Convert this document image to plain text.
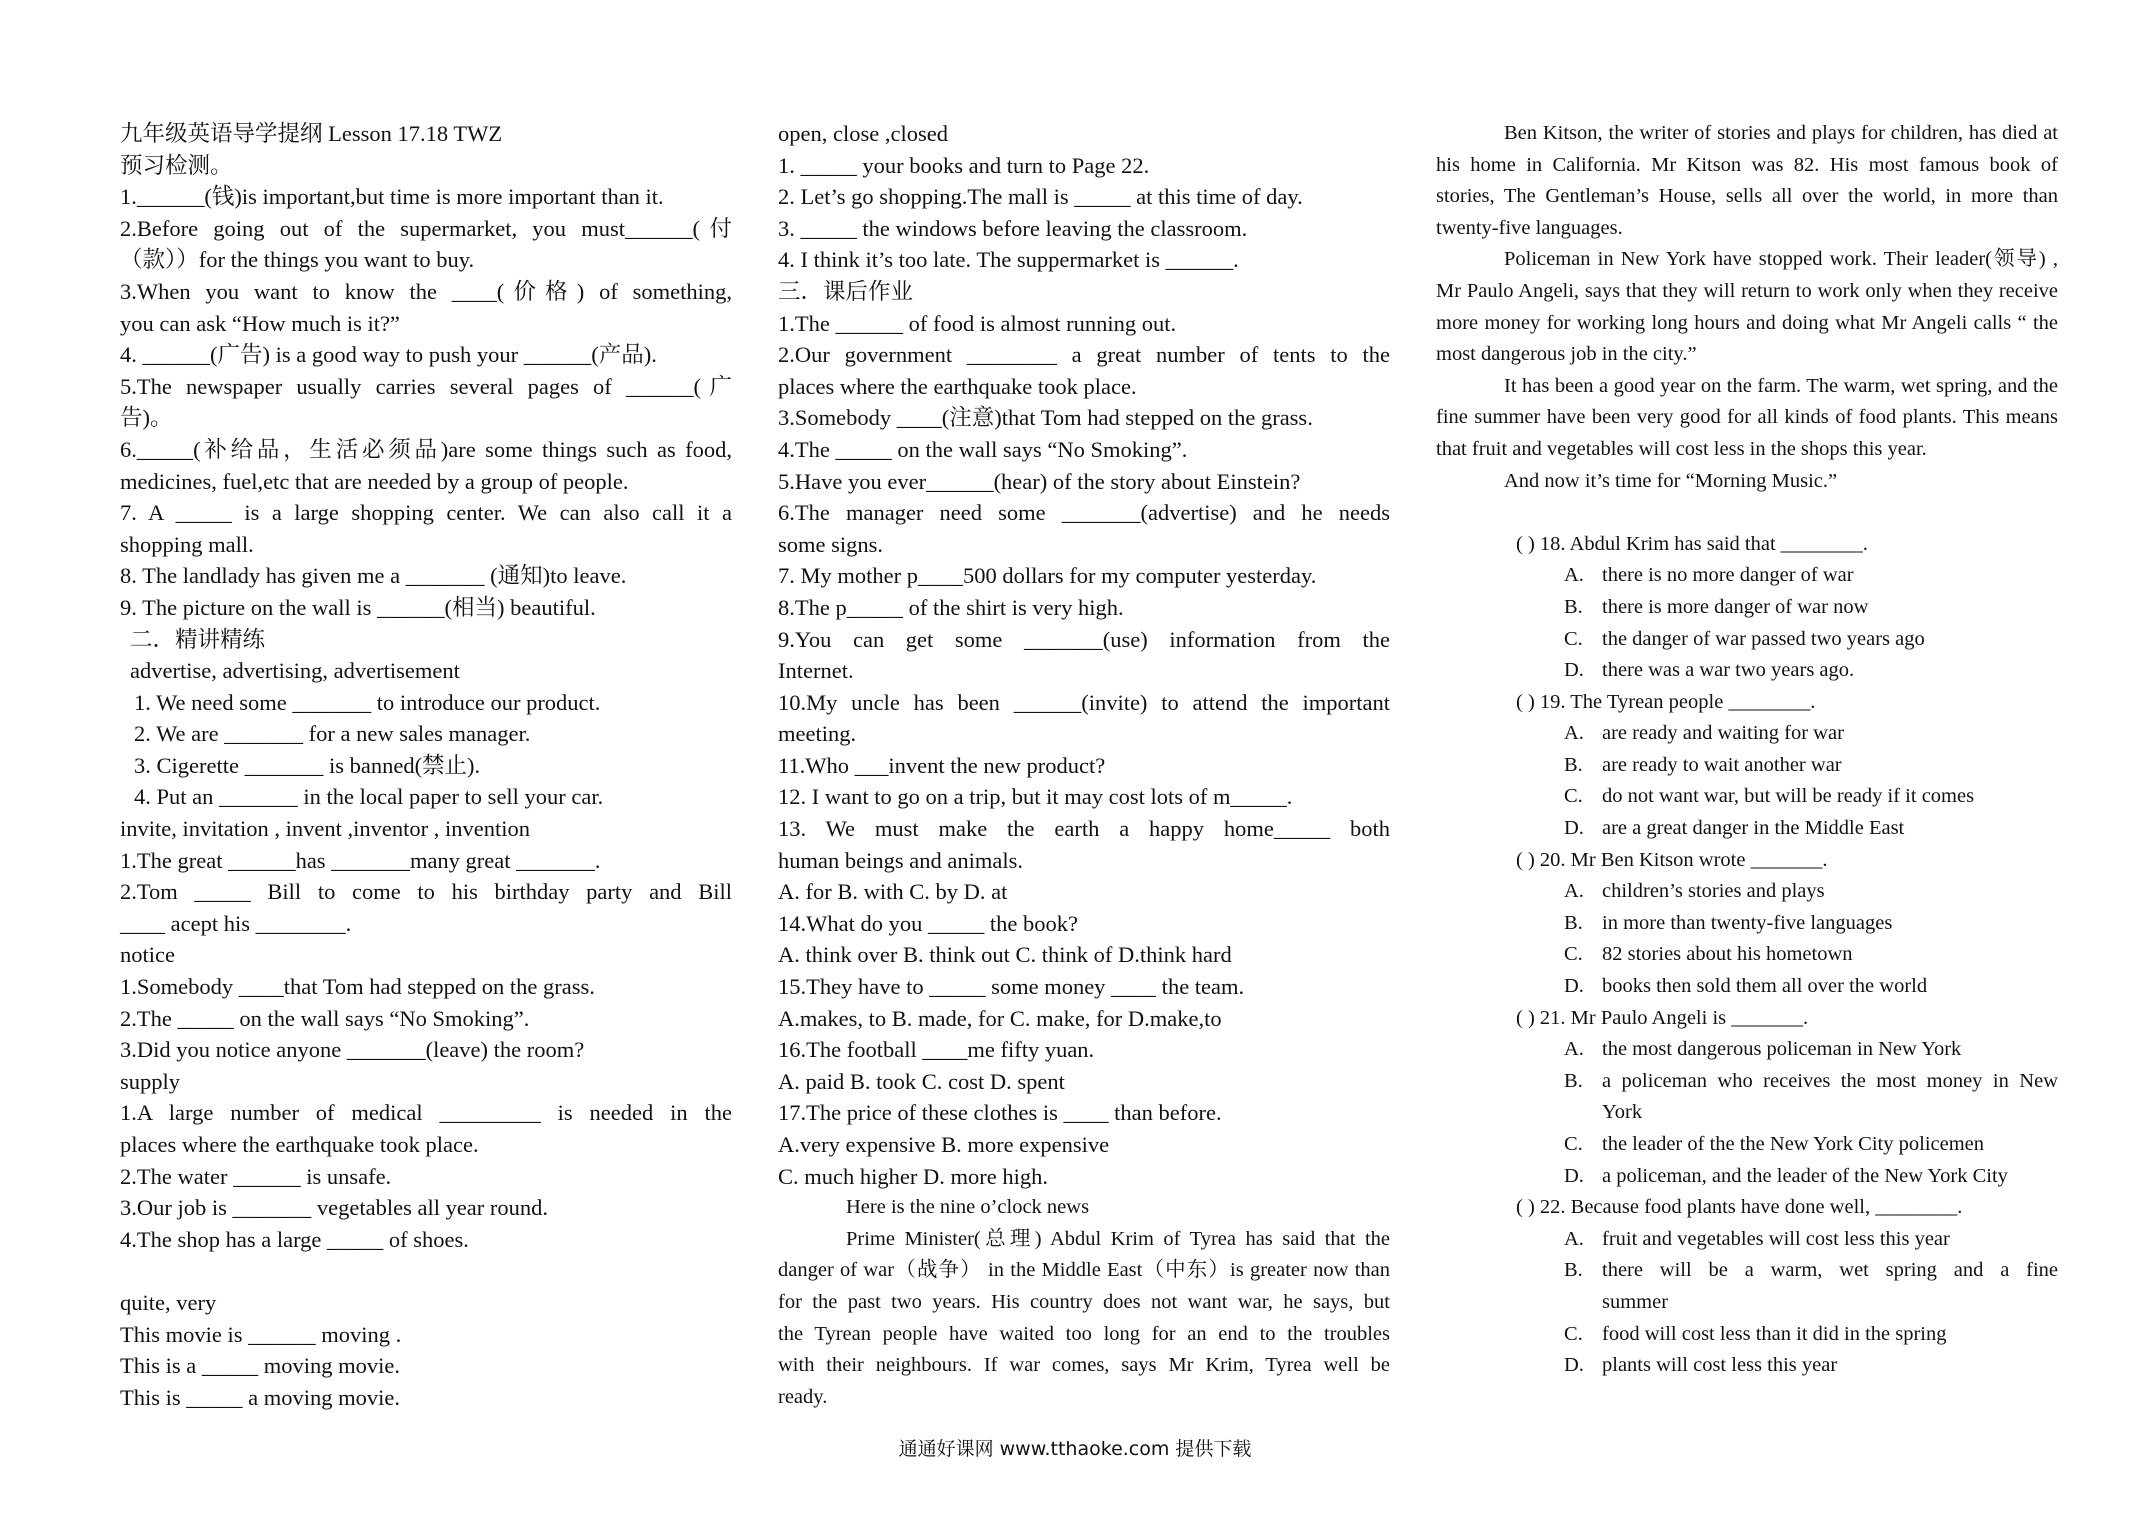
九年级英语导学提纲 Lesson 17.18 TWZ
预习检测。
1.______(钱)is important,but time is more important than it.
2.Before going out of the supermarket, you must______(付
（款））for the things you want to buy.
3.When you want to know the ____(价格) of something,
you can ask “How much is it?”
4. ______(广告) is a good way to push your ______(产品).
5.The newspaper usually carries several pages of ______(广
告)。
6._____(补给品，生活必须品)are some things such as food,
medicines, fuel,etc that are needed by a group of people.
7. A _____ is a large shopping center. We can also call it a
shopping mall.
8. The landlady has given me a _______ (通知)to leave.
9. The picture on the wall is ______(相当) beautiful.
二．精讲精练
advertise, advertising, advertisement
1. We need some _______ to introduce our product.
2. We are _______ for a new sales manager.
3. Cigerette _______ is banned(禁止).
4. Put an _______ in the local paper to sell your car.
invite, invitation , invent ,inventor , invention
1.The great ______has _______many great _______.
2.Tom _____ Bill to come to his birthday party and Bill
____ acept his ________.
notice
1.Somebody ____that Tom had stepped on the grass.
2.The _____ on the wall says “No Smoking”.
3.Did you notice anyone _______(leave) the room?
supply
1.A large number of medical _________ is needed in the
places where the earthquake took place.
2.The water ______ is unsafe.
3.Our job is _______ vegetables all year round.
4.The shop has a large _____ of shoes.
quite, very
This movie is ______ moving .
This is a _____ moving movie.
This is _____ a moving movie.
open, close ,closed
1. _____ your books and turn to Page 22.
2. Let’s go shopping.The mall is _____ at this time of day.
3. _____ the windows before leaving the classroom.
4. I think it’s too late. The suppermarket is ______.
三．课后作业
1.The ______ of food is almost running out.
2.Our government ________ a great number of tents to the
places where the earthquake took place.
3.Somebody ____(注意)that Tom had stepped on the grass.
4.The _____ on the wall says “No Smoking”.
5.Have you ever______(hear) of the story about Einstein?
6.The manager need some _______(advertise) and he needs
some signs.
7. My mother p____500 dollars for my computer yesterday.
8.The p_____ of the shirt is very high.
9.You can get some _______(use) information from the
Internet.
10.My uncle has been ______(invite) to attend the important
meeting.
11.Who ___invent the new product?
12. I want to go on a trip, but it may cost lots of m_____.
13. We must make the earth a happy home_____ both
human beings and animals.
A. for B. with C. by D. at
14.What do you _____ the book?
A. think over B. think out C. think of D.think hard
15.They have to _____ some money ____ the team.
A.makes, to B. made, for C. make, for D.make,to
16.The football ____me fifty yuan.
A. paid B. took C. cost D. spent
17.The price of these clothes is ____ than before.
A.very expensive B. more expensive
C. much higher D. more high.
Here is the nine o’clock news
Prime Minister(总理) Abdul Krim of Tyrea has said that the
danger of war（战争） in the Middle East（中东）is greater now than
for the past two years. His country does not want war, he says, but
the Tyrean people have waited too long for an end to the troubles
with their neighbours. If war comes, says Mr Krim, Tyrea well be
ready.

Ben Kitson, the writer of stories and plays for children, has died at his home in California. Mr Kitson was 82. His most famous book of stories, The Gentleman’s House, sells all over the world, in more than twenty-five languages.

Policeman in New York have stopped work. Their leader(领导) , Mr Paulo Angeli, says that they will return to work only when they receive more money for working long hours and doing what Mr Angeli calls “ the most dangerous job in the city.”

It has been a good year on the farm. The warm, wet spring, and the fine summer have been very good for all kinds of food plants. This means that fruit and vegetables will cost less in the shops this year.

And now it’s time for “Morning Music.”

( ) 18. Abdul Krim has said that ________.
A. there is no more danger of war
B. there is more danger of war now
C. the danger of war passed two years ago
D. there was a war two years ago.
( ) 19. The Tyrean people ________.
A. are ready and waiting for war
B. are ready to wait another war
C. do not want war, but will be ready if it comes
D. are a great danger in the Middle East
( ) 20. Mr Ben Kitson wrote _______.
A. children’s stories and plays
B. in more than twenty-five languages
C. 82 stories about his hometown
D. books then sold them all over the world
( ) 21. Mr Paulo Angeli is _______.
A. the most dangerous policeman in New York
B. a policeman who receives the most money in New
York
C. the leader of the the New York City policemen
D. a policeman, and the leader of the New York City
( ) 22. Because food plants have done well, ________.
A. fruit and vegetables will cost less this year
B. there will be a warm, wet spring and a fine
summer
C. food will cost less than it did in the spring
D. plants will cost less this year
通通好课网 www.tthaoke.com 提供下载
